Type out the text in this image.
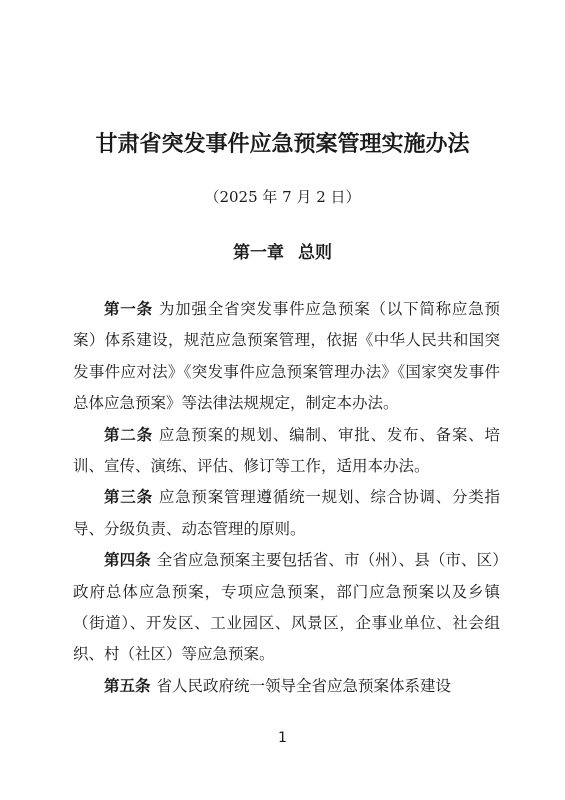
甘肃省突发事件应急预案管理实施办法

（2025 年 7 月 2 日）

第一章 总则

第一条 为加强全省突发事件应急预案（以下简称应急预案）体系建设，规范应急预案管理，依据《中华人民共和国突发事件应对法》《突发事件应急预案管理办法》《国家突发事件总体应急预案》等法律法规规定，制定本办法。

第二条 应急预案的规划、编制、审批、发布、备案、培训、宣传、演练、评估、修订等工作，适用本办法。

第三条 应急预案管理遵循统一规划、综合协调、分类指导、分级负责、动态管理的原则。

第四条 全省应急预案主要包括省、市（州）、县（市、区）政府总体应急预案，专项应急预案，部门应急预案以及乡镇（街道）、开发区、工业园区、风景区，企事业单位、社会组织、村（社区）等应急预案。

第五条 省人民政府统一领导全省应急预案体系建设

1
